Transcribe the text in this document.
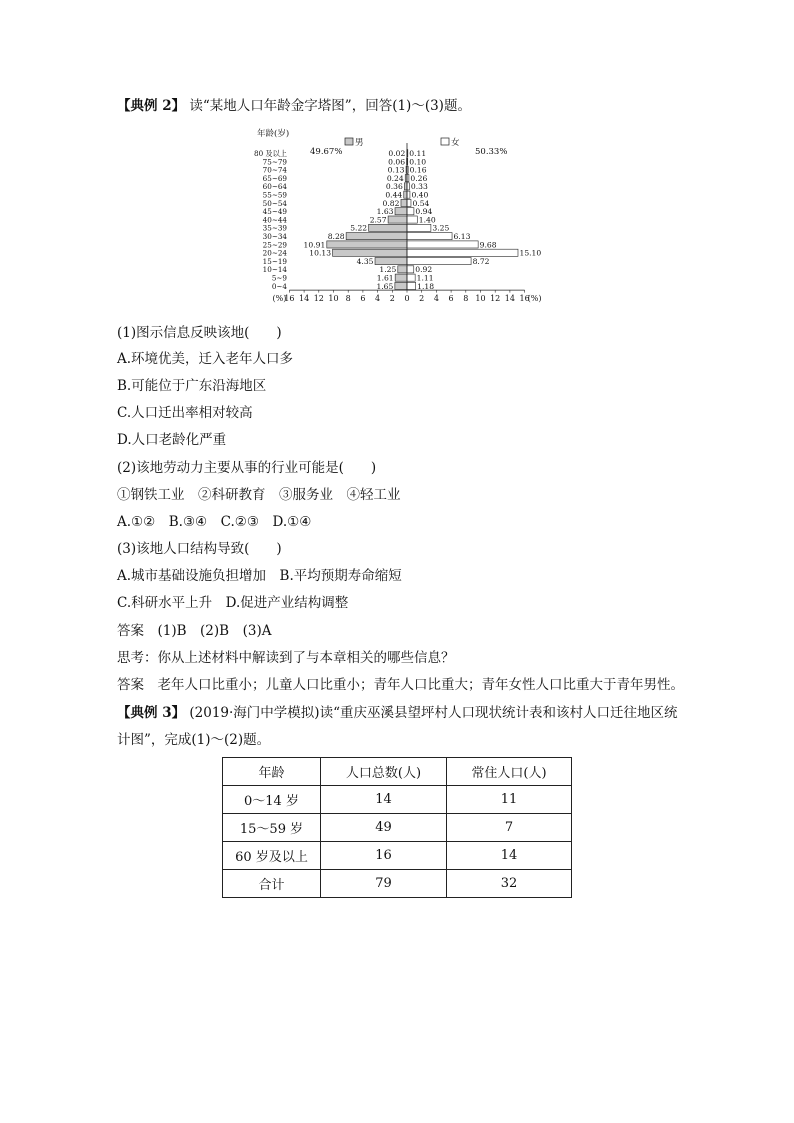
【典例 2】 读“某地人口年龄金字塔图”，回答(1)～(3)题。
年龄(岁)
男
49.67%
女
50.33%
80 及以上	0.02 0.11
75~79	0.06 0.10
70~74	0.13 0.16
65~69	0.24 0.26
60~64	0.36 0.33
55~59	0.44 0.40
50~54	0.82 0.54
45~49	1.63	0.94
40~44	2.57	1.40
35~39	5.22	3.25
30~34	8.28	6.13
25~29 10.91	9.68
20~24	10.13	15.10
15~19	4.35	8.72
10~14	1.25 0.92
5~9	1.61	1.11
0~4	1.65	1.18
16 14 12 10 8 6 4 2 0 2 4 6 8 10 12 14 16
(%)	(%)
(1)图示信息反映该地(　　)
A.环境优美，迁入老年人口多
B.可能位于广东沿海地区
C.人口迁出率相对较高
D.人口老龄化严重
(2)该地劳动力主要从事的行业可能是(　　)
①钢铁工业　②科研教育　③服务业　④轻工业
A.①②　B.③④　C.②③　D.①④
(3)该地人口结构导致(　　)
A.城市基础设施负担增加　B.平均预期寿命缩短
C.科研水平上升　D.促进产业结构调整
答案　 (1)B　(2)B　(3)A
思考：你从上述材料中解读到了与本章相关的哪些信息？
答案　 老年人口比重小；儿童人口比重小；青年人口比重大；青年女性人口比重大于青年男性。
【典例 3】 (2019·海门中学模拟)读“重庆巫溪县望坪村人口现状统计表和该村人口迁往地区统
计图”，完成(1)～(2)题。
年龄	人口总数(人)	常住人口(人)
0～14 岁	14	11
15～59 岁	49	7
60 岁及以上	16	14
合计	79	32
